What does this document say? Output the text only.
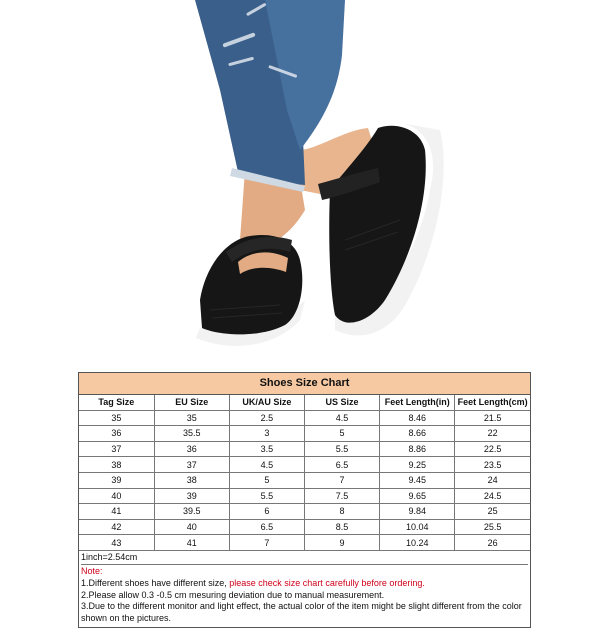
Shoes Size Chart
Tag Size	EU Size	UK/AU Size	US Size	Feet Length(in)	Feet Length(cm)
35	35	2.5	4.5	8.46	21.5
36	35.5	3	5	8.66	22
37	36	3.5	5.5	8.86	22.5
38	37	4.5	6.5	9.25	23.5
39	38	5	7	9.45	24
40	39	5.5	7.5	9.65	24.5
41	39.5	6	8	9.84	25
42	40	6.5	8.5	10.04	25.5
43	41	7	9	10.24	26
1inch=2.54cm
Note:
1.Different shoes have different size, please check size chart carefully before ordering.
2.Please allow 0.3 -0.5 cm mesuring deviation due to manual measurement.
3.Due to the different monitor and light effect, the actual color of the item might be slight different from the color shown on the pictures.
